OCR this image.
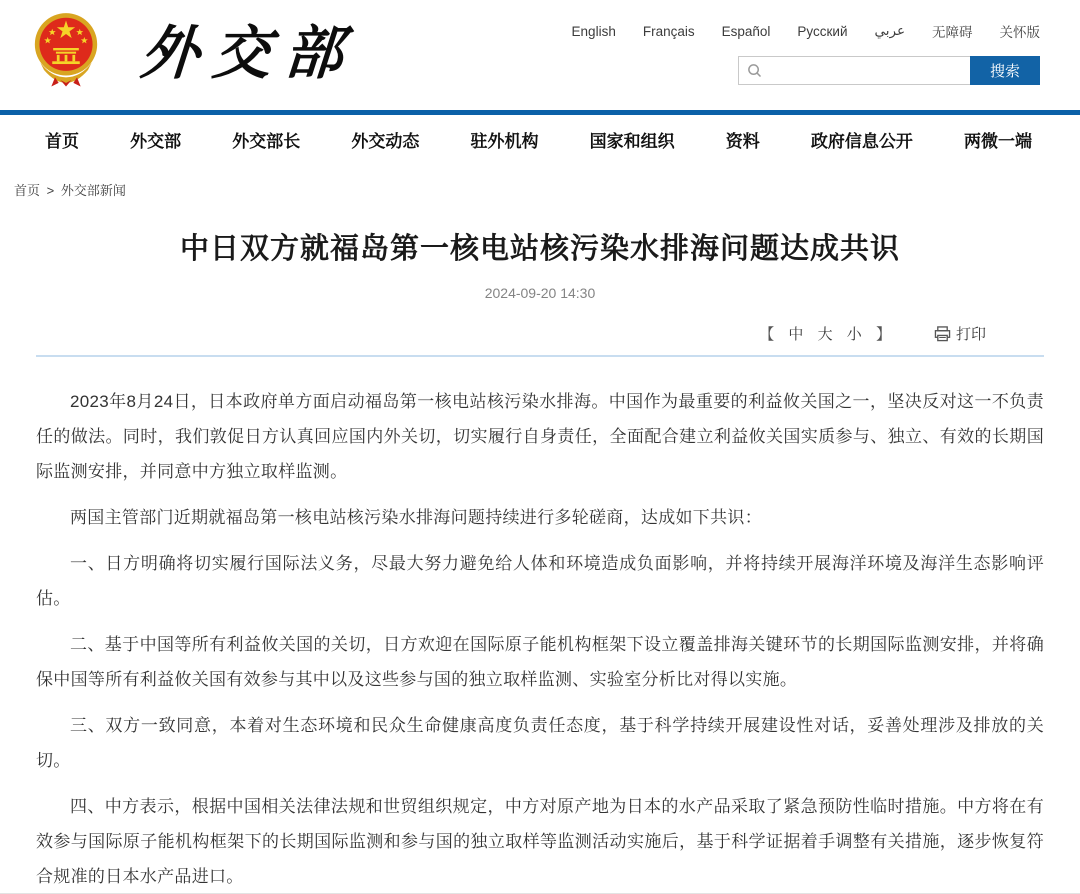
外交部	English Français Español Русский عربي 无障碍 关怀版
搜索
首页	外交部	外交部长	外交动态	驻外机构	国家和组织	资料	政府信息公开	两微一端
首页 > 外交部新闻
中日双方就福岛第一核电站核污染水排海问题达成共识
2024-09-20 14:30
【 中 大 小 】	打印

2023年8月24日，日本政府单方面启动福岛第一核电站核污染水排海。中国作为最重要的利益攸关国之一，坚决反对这一不负责任的做法。同时，我们敦促日方认真回应国内外关切，切实履行自身责任，全面配合建立利益攸关国实质参与、独立、有效的长期国际监测安排，并同意中方独立取样监测。

两国主管部门近期就福岛第一核电站核污染水排海问题持续进行多轮磋商，达成如下共识：

一、日方明确将切实履行国际法义务，尽最大努力避免给人体和环境造成负面影响，并将持续开展海洋环境及海洋生态影响评估。

二、基于中国等所有利益攸关国的关切，日方欢迎在国际原子能机构框架下设立覆盖排海关键环节的长期国际监测安排，并将确保中国等所有利益攸关国有效参与其中以及这些参与国的独立取样监测、实验室分析比对得以实施。

三、双方一致同意，本着对生态环境和民众生命健康高度负责任态度，基于科学持续开展建设性对话，妥善处理涉及排放的关切。

四、中方表示，根据中国相关法律法规和世贸组织规定，中方对原产地为日本的水产品采取了紧急预防性临时措施。中方将在有效参与国际原子能机构框架下的长期国际监测和参与国的独立取样等监测活动实施后，基于科学证据着手调整有关措施，逐步恢复符合规准的日本水产品进口。
